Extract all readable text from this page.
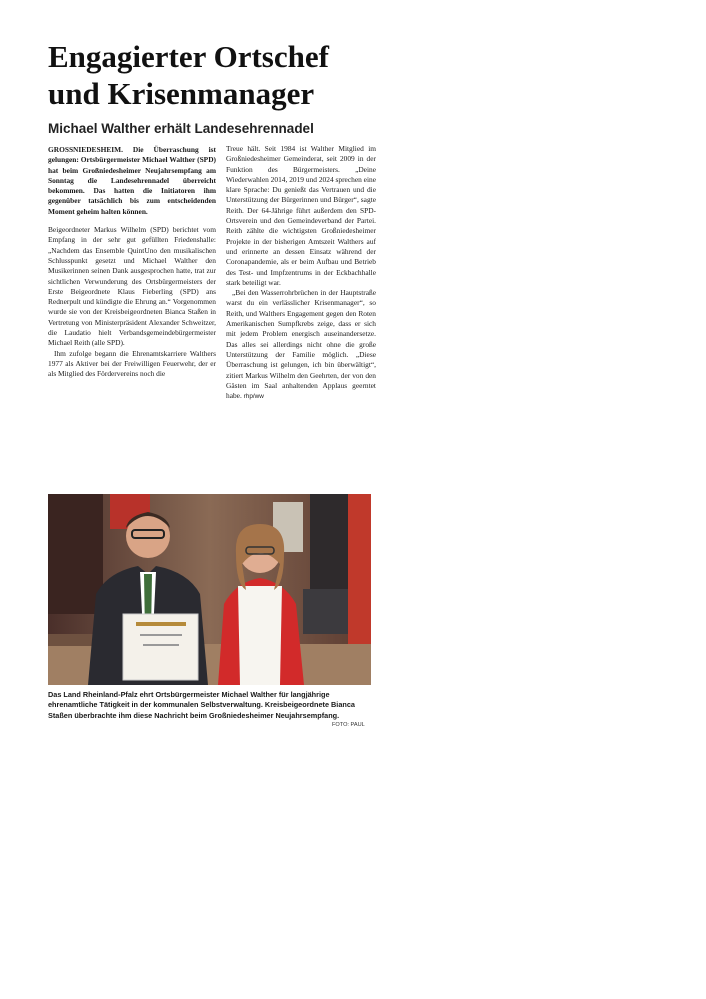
Engagierter Ortschef
und Krisenmanager
Michael Walther erhält Landesehrennadel

GROSSNIEDESHEIM. Die Überraschung ist gelungen: Ortsbürgermeister Michael Walther (SPD) hat beim Großniedesheimer Neujahrsempfang am Sonntag die Landesehrennadel überreicht bekommen. Das hatten die Initiatoren ihm gegenüber tatsächlich bis zum entscheidenden Moment geheim halten können.

Beigeordneter Markus Wilhelm (SPD) berichtet vom Empfang in der sehr gut gefüllten Friedenshalle: „Nachdem das Ensemble QuintUno den musikalischen Schlusspunkt gesetzt und Michael Walther den Musikerinnen seinen Dank ausgesprochen hatte, trat zur sichtlichen Verwunderung des Ortsbürgermeisters der Erste Beigeordnete Klaus Fieberling (SPD) ans Rednerpult und kündigte die Ehrung an.“ Vorgenommen wurde sie von der Kreisbeigeordneten Bianca Staßen in Vertretung von Ministerpräsident Alexander Schweitzer, die Laudatio hielt Verbandsgemeindebürgermeister Michael Reith (alle SPD).

Ihm zufolge begann die Ehrenamtskarriere Walthers 1977 als Aktiver bei der Freiwilligen Feuerwehr, der er als Mitglied des Fördervereins noch die

Treue hält. Seit 1984 ist Walther Mitglied im Großniedesheimer Gemeinderat, seit 2009 in der Funktion des Bürgermeisters. „Deine Wiederwahlen 2014, 2019 und 2024 sprechen eine klare Sprache: Du genießt das Vertrauen und die Unterstützung der Bürgerinnen und Bürger“, sagte Reith. Der 64-Jährige führt außerdem den SPD-Ortsverein und den Gemeindeverband der Partei. Reith zählte die wichtigsten Großniedesheimer Projekte in der bisherigen Amtszeit Walthers auf und erinnerte an dessen Einsatz während der Coronapandemie, als er beim Aufbau und Betrieb des Test- und Impfzentrums in der Eckbachhalle stark beteiligt war.

„Bei den Wasserrohrbrüchen in der Hauptstraße warst du ein verlässlicher Krisenmanager“, so Reith, und Walthers Engagement gegen den Roten Amerikanischen Sumpfkrebs zeige, dass er sich mit jedem Problem energisch auseinandersetze. Das alles sei allerdings nicht ohne die große Unterstützung der Familie möglich. „Diese Überraschung ist gelungen, ich bin überwältigt“, zitiert Markus Wilhelm den Geehrten, der von den Gästen im Saal anhaltenden Applaus geerntet habe. rhp/ww

Das Land Rheinland-Pfalz ehrt Ortsbürgermeister Michael Walther für langjährige ehrenamtliche Tätigkeit in der kommunalen Selbstverwaltung. Kreisbeigeordnete Bianca Staßen überbrachte ihm diese Nachricht beim Großniedesheimer Neujahrsempfang.

FOTO: PAUL
